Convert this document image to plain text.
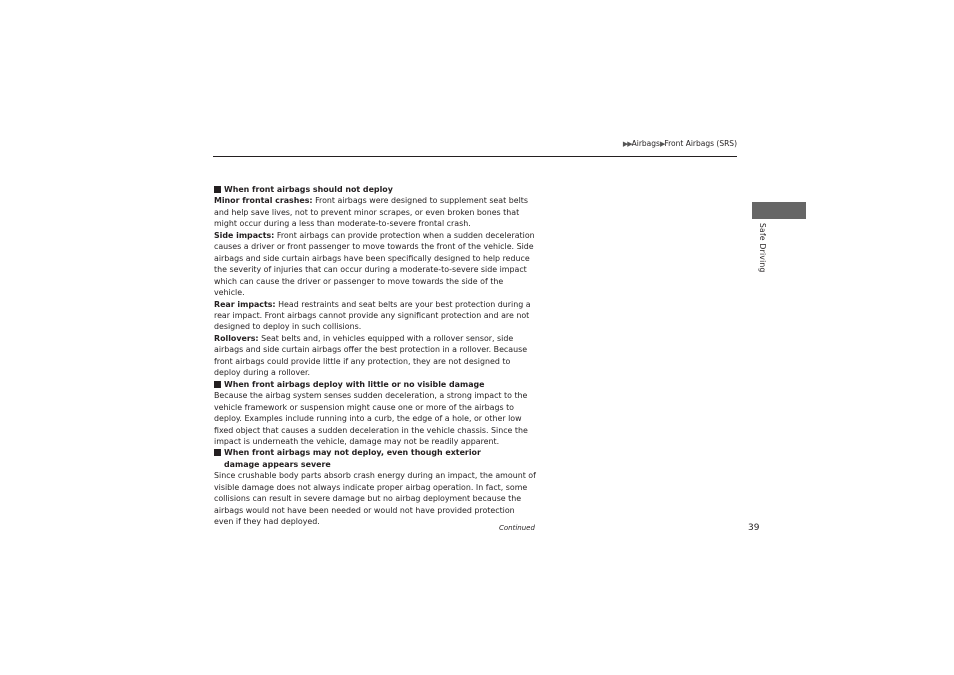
▶▶Airbags▶Front Airbags (SRS)
Safe Driving
When front airbags should not deploy

Minor frontal crashes: Front airbags were designed to supplement seat belts and help save lives, not to prevent minor scrapes, or even broken bones that might occur during a less than moderate-to-severe frontal crash.

Side impacts: Front airbags can provide protection when a sudden deceleration causes a driver or front passenger to move towards the front of the vehicle. Side airbags and side curtain airbags have been specifically designed to help reduce the severity of injuries that can occur during a moderate-to-severe side impact which can cause the driver or passenger to move towards the side of the vehicle.

Rear impacts: Head restraints and seat belts are your best protection during a rear impact. Front airbags cannot provide any significant protection and are not designed to deploy in such collisions.

Rollovers: Seat belts and, in vehicles equipped with a rollover sensor, side airbags and side curtain airbags offer the best protection in a rollover. Because front airbags could provide little if any protection, they are not designed to deploy during a rollover.

When front airbags deploy with little or no visible damage

Because the airbag system senses sudden deceleration, a strong impact to the vehicle framework or suspension might cause one or more of the airbags to deploy. Examples include running into a curb, the edge of a hole, or other low fixed object that causes a sudden deceleration in the vehicle chassis. Since the impact is underneath the vehicle, damage may not be readily apparent.

When front airbags may not deploy, even though exterior damage appears severe

Since crushable body parts absorb crash energy during an impact, the amount of visible damage does not always indicate proper airbag operation. In fact, some collisions can result in severe damage but no airbag deployment because the airbags would not have been needed or would not have provided protection even if they had deployed.

Continued	39
